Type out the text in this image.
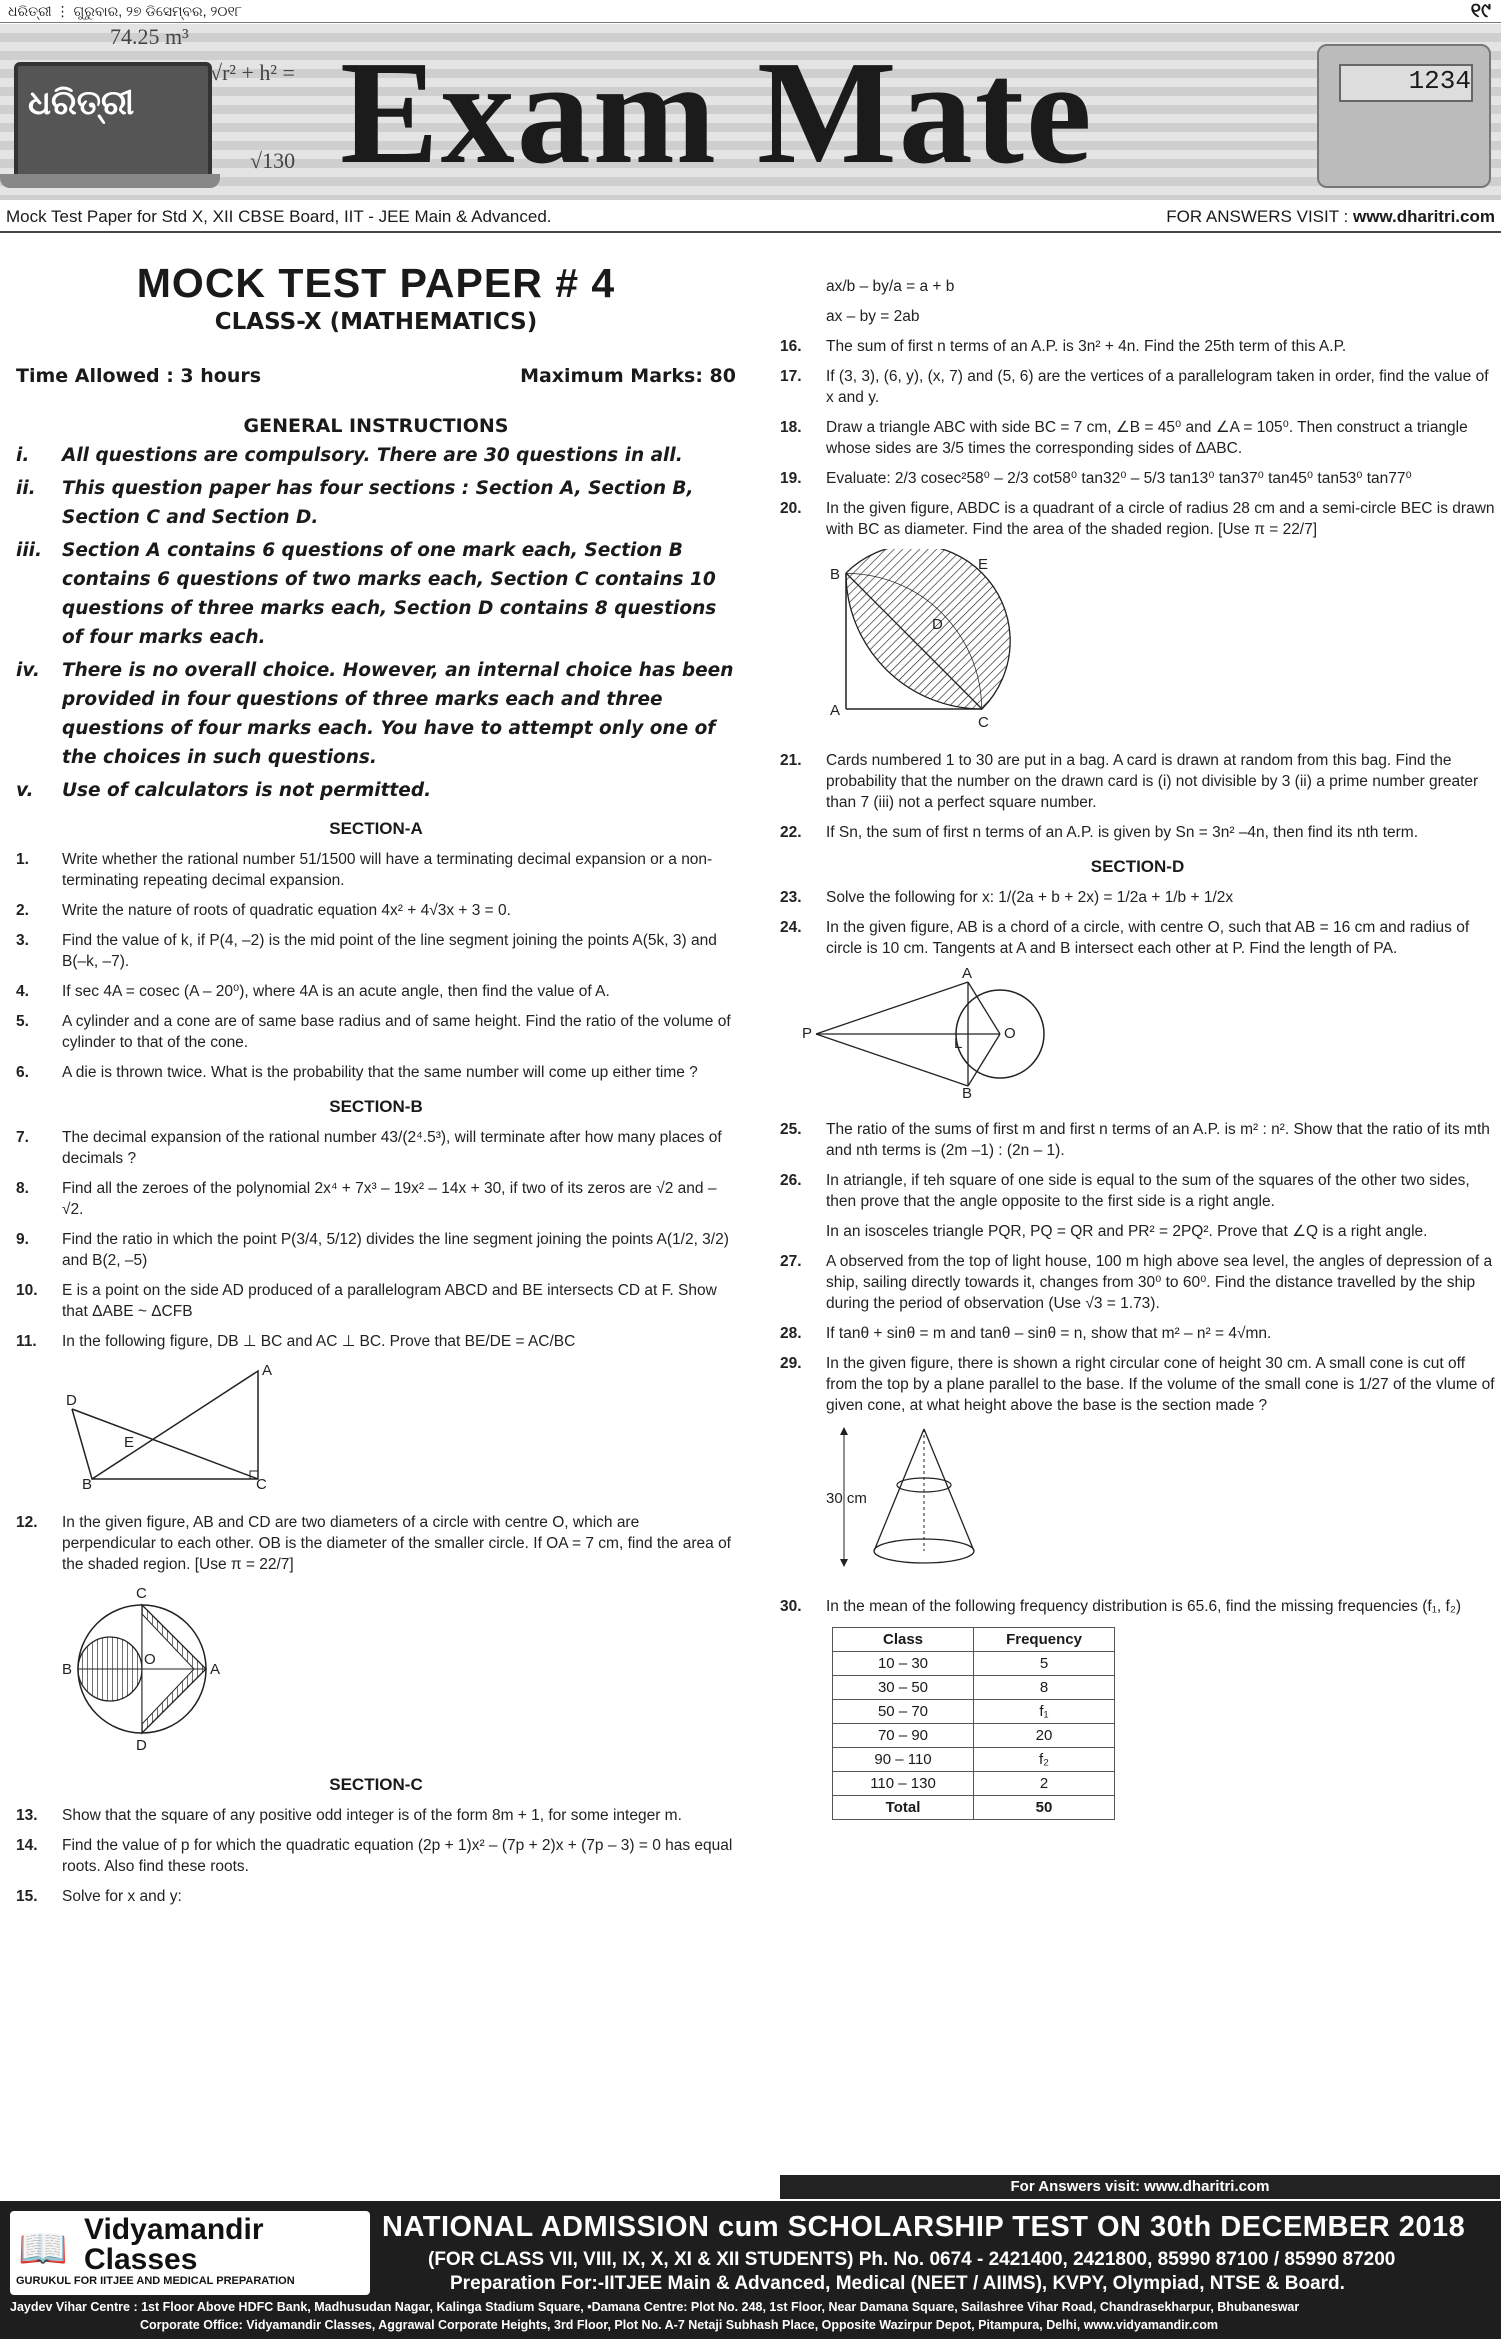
ଧରିତ୍ରୀ ⋮ ଗୁରୁବାର, ୨୭ ଡିସେମ୍ବର, ୨୦୧୮	୧୯
ଧରିତ୍ରୀ
74.25 m³
√r² + h² =
√130 Exam Mate	1234
Mock Test Paper for Std X, XII CBSE Board, IIT - JEE Main & Advanced.	FOR ANSWERS VISIT : www.dharitri.com
MOCK TEST PAPER # 4
CLASS-X (MATHEMATICS)
Time Allowed : 3 hours	Maximum Marks: 80
GENERAL INSTRUCTIONS
i.	All questions are compulsory. There are 30 questions in all.
ii.	This question paper has four sections : Section A, Section B, Section C and Section D.
iii.	Section A contains 6 questions of one mark each, Section B contains 6 questions of two marks each, Section C contains 10 questions of three marks each, Section D contains 8 questions of four marks each.
iv.	There is no overall choice. However, an internal choice has been provided in four questions of three marks each and three questions of four marks each. You have to attempt only one of the choices in such questions.
v.	Use of calculators is not permitted.
SECTION-A
1.	Write whether the rational number 51/1500 will have a terminating decimal expansion or a non-terminating repeating decimal expansion.
2.	Write the nature of roots of quadratic equation 4x² + 4√3x + 3 = 0.
3.	Find the value of k, if P(4, –2) is the mid point of the line segment joining the points A(5k, 3) and B(–k, –7).
4.	If sec 4A = cosec (A – 20⁰), where 4A is an acute angle, then find the value of A.
5.	A cylinder and a cone are of same base radius and of same height. Find the ratio of the volume of cylinder to that of the cone.
6.	A die is thrown twice. What is the probability that the same number will come up either time ?
SECTION-B
7.	The decimal expansion of the rational number 43/(2⁴.5³), will terminate after how many places of decimals ?
8.	Find all the zeroes of the polynomial 2x⁴ + 7x³ – 19x² – 14x + 30, if two of its zeros are √2 and –√2.
9.	Find the ratio in which the point P(3/4, 5/12) divides the line segment joining the points A(1/2, 3/2) and B(2, –5)
10.	E is a point on the side AD produced of a parallelogram ABCD and BE intersects CD at F. Show that ΔABE ~ ΔCFB
11.	In the following figure, DB ⊥ BC and AC ⊥ BC. Prove that BE/DE = AC/BC
D
A
E
B	C
12.	In the given figure, AB and CD are two diameters of a circle with centre O, which are perpendicular to each other. OB is the diameter of the smaller circle. If OA = 7 cm, find the area of the shaded region. [Use π = 22/7]
C
O
B	A
D
SECTION-C
13.	Show that the square of any positive odd integer is of the form 8m + 1, for some integer m.
14.	Find the value of p for which the quadratic equation (2p + 1)x² – (7p + 2)x + (7p – 3) = 0 has equal roots. Also find these roots.
15.	Solve for x and y:
ax/b – by/a = a + b
ax – by = 2ab
16.	The sum of first n terms of an A.P. is 3n² + 4n. Find the 25th term of this A.P.
17.	If (3, 3), (6, y), (x, 7) and (5, 6) are the vertices of a parallelogram taken in order, find the value of x and y.
18.	Draw a triangle ABC with side BC = 7 cm, ∠B = 45⁰ and ∠A = 105⁰. Then construct a triangle whose sides are 3/5 times the corresponding sides of ΔABC.
19.	Evaluate: 2/3 cosec²58⁰ – 2/3 cot58⁰ tan32⁰ – 5/3 tan13⁰ tan37⁰ tan45⁰ tan53⁰ tan77⁰
20.	In the given figure, ABDC is a quadrant of a circle of radius 28 cm and a semi-circle BEC is drawn with BC as diameter. Find the area of the shaded region. [Use π = 22/7]
B
E
D
A
C
21.	Cards numbered 1 to 30 are put in a bag. A card is drawn at random from this bag. Find the probability that the number on the drawn card is (i) not divisible by 3 (ii) a prime number greater than 7 (iii) not a perfect square number.
22.	If Sn, the sum of first n terms of an A.P. is given by Sn = 3n² –4n, then find its nth term.
SECTION-D
23.	Solve the following for x: 1/(2a + b + 2x) = 1/2a + 1/b + 1/2x
24.	In the given figure, AB is a chord of a circle, with centre O, such that AB = 16 cm and radius of circle is 10 cm. Tangents at A and B intersect each other at P. Find the length of PA.
A
P
L
O
B
25.	The ratio of the sums of first m and first n terms of an A.P. is m² : n². Show that the ratio of its mth and nth terms is (2m –1) : (2n – 1).
26.	In atriangle, if teh square of one side is equal to the sum of the squares of the other two sides, then prove that the angle opposite to the first side is a right angle.
In an isosceles triangle PQR, PQ = QR and PR² = 2PQ². Prove that ∠Q is a right angle.
27.	A observed from the top of light house, 100 m high above sea level, the angles of depression of a ship, sailing directly towards it, changes from 30⁰ to 60⁰. Find the distance travelled by the ship during the period of observation (Use √3 = 1.73).
28.	If tanθ + sinθ = m and tanθ – sinθ = n, show that m² – n² = 4√mn.
29.	In the given figure, there is shown a right circular cone of height 30 cm. A small cone is cut off from the top by a plane parallel to the base. If the volume of the small cone is 1/27 of the vlume of given cone, at what height above the base is the section made ?
30 cm
30.	In the mean of the following frequency distribution is 65.6, find the missing frequencies (f₁, f₂)
Class	Frequency
10 – 30	5
30 – 50	8
50 – 70	f₁
70 – 90	20
90 – 110	f₂
110 – 130	2
Total	50
For Answers visit: www.dharitri.com
📖 Vidyamandir Classes
GURUKUL FOR IITJEE AND MEDICAL PREPARATION
NATIONAL ADMISSION cum SCHOLARSHIP TEST ON 30th DECEMBER 2018
(FOR CLASS VII, VIII, IX, X, XI & XII STUDENTS) Ph. No. 0674 - 2421400, 2421800, 85990 87100 / 85990 87200
Preparation For:-IITJEE Main & Advanced, Medical (NEET / AIIMS), KVPY, Olympiad, NTSE & Board.
Jaydev Vihar Centre : 1st Floor Above HDFC Bank, Madhusudan Nagar, Kalinga Stadium Square, •Damana Centre: Plot No. 248, 1st Floor, Near Damana Square, Sailashree Vihar Road, Chandrasekharpur, Bhubaneswar
Corporate Office: Vidyamandir Classes, Aggrawal Corporate Heights, 3rd Floor, Plot No. A-7 Netaji Subhash Place, Opposite Wazirpur Depot, Pitampura, Delhi, www.vidyamandir.com
